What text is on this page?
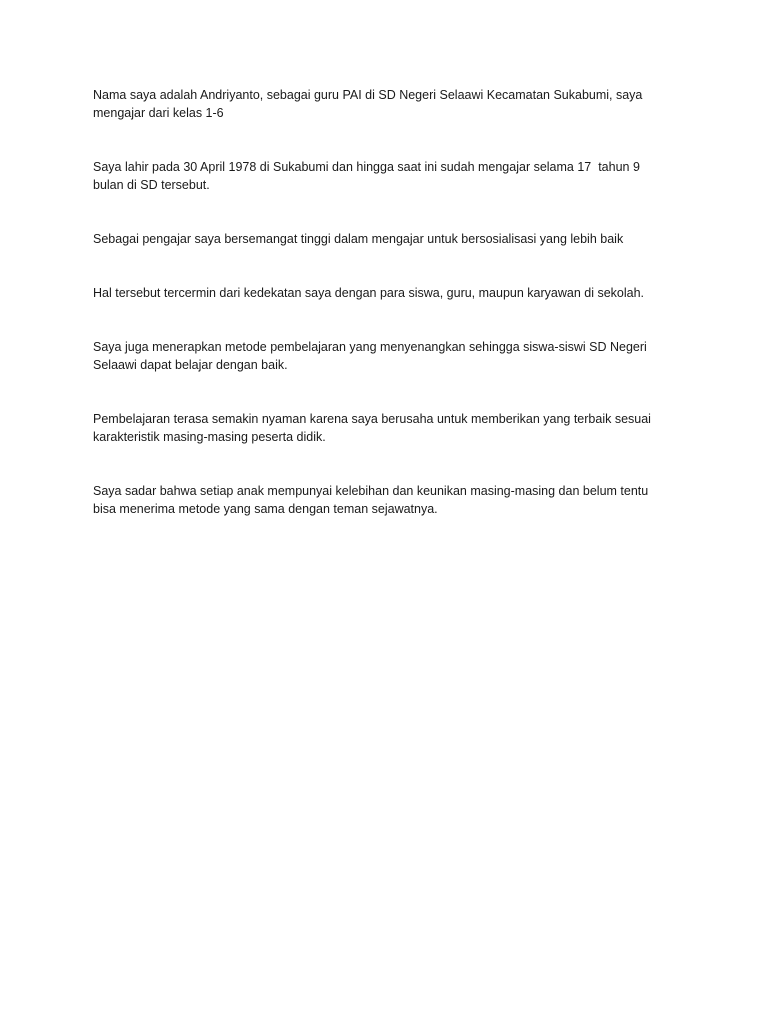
Nama saya adalah Andriyanto, sebagai guru PAI di SD Negeri Selaawi Kecamatan Sukabumi, saya mengajar dari kelas 1-6

Saya lahir pada 30 April 1978 di Sukabumi dan hingga saat ini sudah mengajar selama 17  tahun 9 bulan di SD tersebut.

Sebagai pengajar saya bersemangat tinggi dalam mengajar untuk bersosialisasi yang lebih baik

Hal tersebut tercermin dari kedekatan saya dengan para siswa, guru, maupun karyawan di sekolah.

Saya juga menerapkan metode pembelajaran yang menyenangkan sehingga siswa-siswi SD Negeri Selaawi dapat belajar dengan baik.

Pembelajaran terasa semakin nyaman karena saya berusaha untuk memberikan yang terbaik sesuai karakteristik masing-masing peserta didik.

Saya sadar bahwa setiap anak mempunyai kelebihan dan keunikan masing-masing dan belum tentu bisa menerima metode yang sama dengan teman sejawatnya.
